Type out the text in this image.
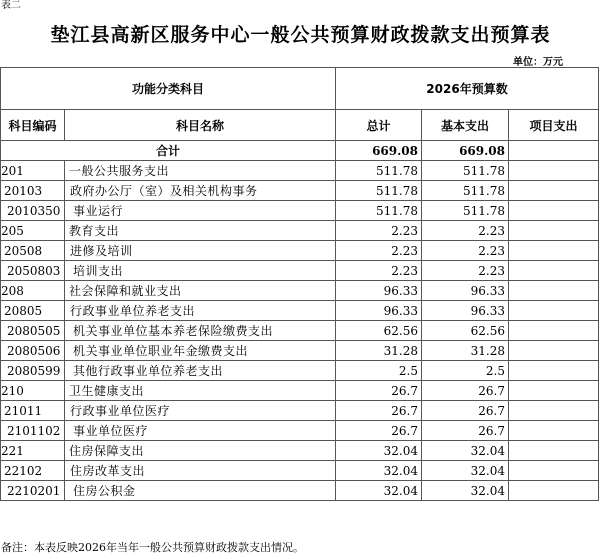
表二
垫江县高新区服务中心一般公共预算财政拨款支出预算表
单位：万元
功能分类科目		2026年预算数		
科目编码	科目名称	总计	基本支出	项目支出
合计		669.08	669.08	
201	一般公共服务支出	511.78	511.78	
20103	政府办公厅（室）及相关机构事务	511.78	511.78	
2010350	事业运行	511.78	511.78	
205	教育支出	2.23	2.23	
20508	进修及培训	2.23	2.23	
2050803	培训支出	2.23	2.23	
208	社会保障和就业支出	96.33	96.33	
20805	行政事业单位养老支出	96.33	96.33	
2080505	机关事业单位基本养老保险缴费支出	62.56	62.56	
2080506	机关事业单位职业年金缴费支出	31.28	31.28	
2080599	其他行政事业单位养老支出	2.5	2.5	
210	卫生健康支出	26.7	26.7	
21011	行政事业单位医疗	26.7	26.7	
2101102	事业单位医疗	26.7	26.7	
221	住房保障支出	32.04	32.04	
22102	住房改革支出	32.04	32.04	
2210201	住房公积金	32.04	32.04	
备注：本表反映2026年当年一般公共预算财政拨款支出情况。
